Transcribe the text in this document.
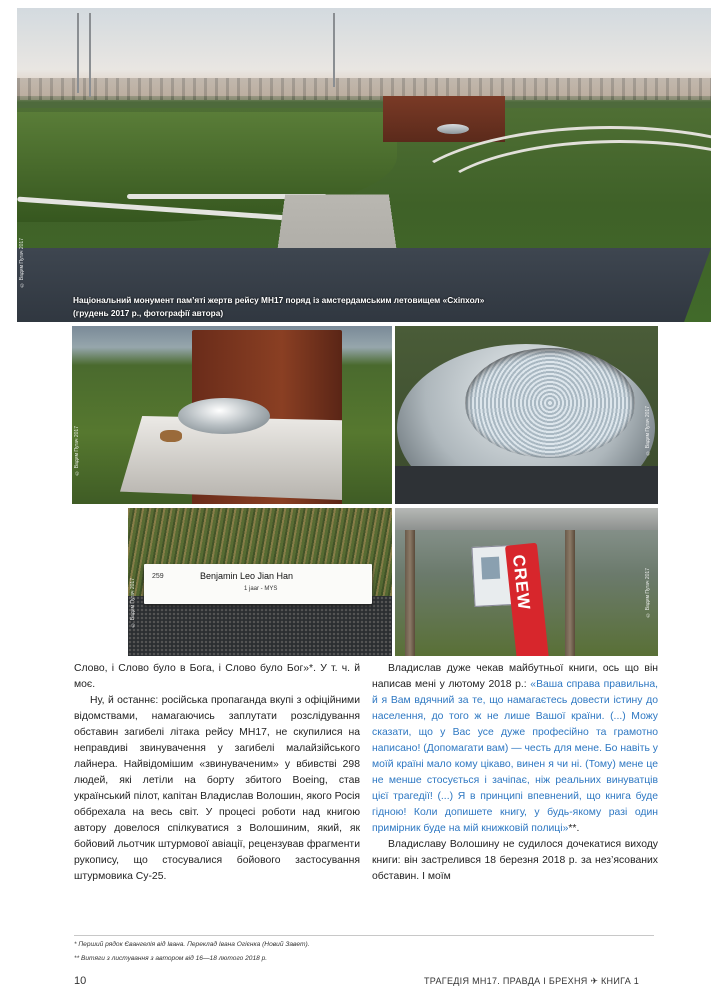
Національний монумент пам’яті жертв рейсу МН17 поряд із амстердамським летовищем «Схіпхол» (грудень 2017 р., фотографії автора)
© Вадим Пугач 2017
© Вадим Пугач 2017	© Вадим Пугач 2017
259	Benjamin Leo Jian Han
1 jaar - MYS
© Вадим Пугач 2017	CREW	© Вадим Пугач 2017

Слово, і Слово було в Бога, і Слово було Бог»*. У т. ч. й моє.

Ну, й останнє: російська пропаганда вкупі з офіційними відомствами, намагаючись заплутати розслідування обставин загибелі літака рейсу МН17, не скупилися на неправдиві звинувачення у загибелі малайзійського лайнера. Найвідомішим «звинуваченим» у вбивстві 298 людей, які летіли на борту збитого Boeing, став український пілот, капітан Владислав Волошин, якого Росія оббрехала на весь світ. У процесі роботи над книгою автору довелося спілкуватися з Волошиним, який, як бойовий льотчик штурмової авіації, рецензував фрагменти рукопису, що стосувалися бойового застосування штурмовика Су-25.

Владислав дуже чекав майбутньої книги, ось що він написав мені у лютому 2018 р.: «Ваша справа правильна, й я Вам вдячний за те, що намагаєтесь довести істину до населення, до того ж не лише Вашої країни. (...) Можу сказати, що у Вас усе дуже професійно та грамотно написано! (Допомагати вам) — честь для мене. Бо навіть у моїй країні мало кому цікаво, винен я чи ні. (Тому) мене це не менше стосується і зачіпає, ніж реальних винуватців цієї трагедії! (...) Я в принципі впевнений, що книга буде гідною! Коли допишете книгу, у будь-якому разі один примірник буде на мій книжковій полиці»**.

Владиславу Волошину не судилося дочекатися виходу книги: він застрелився 18 березня 2018 р. за нез’ясованих обставин. І моїм

* Перший рядок Євангелія від Івана. Переклад Івана Огієнка (Новий Завет).

** Витяги з листування з автором від 16—18 лютого 2018 р.

10	ТРАГЕДІЯ МН17. ПРАВДА І БРЕХНЯ ✈ КНИГА 1
